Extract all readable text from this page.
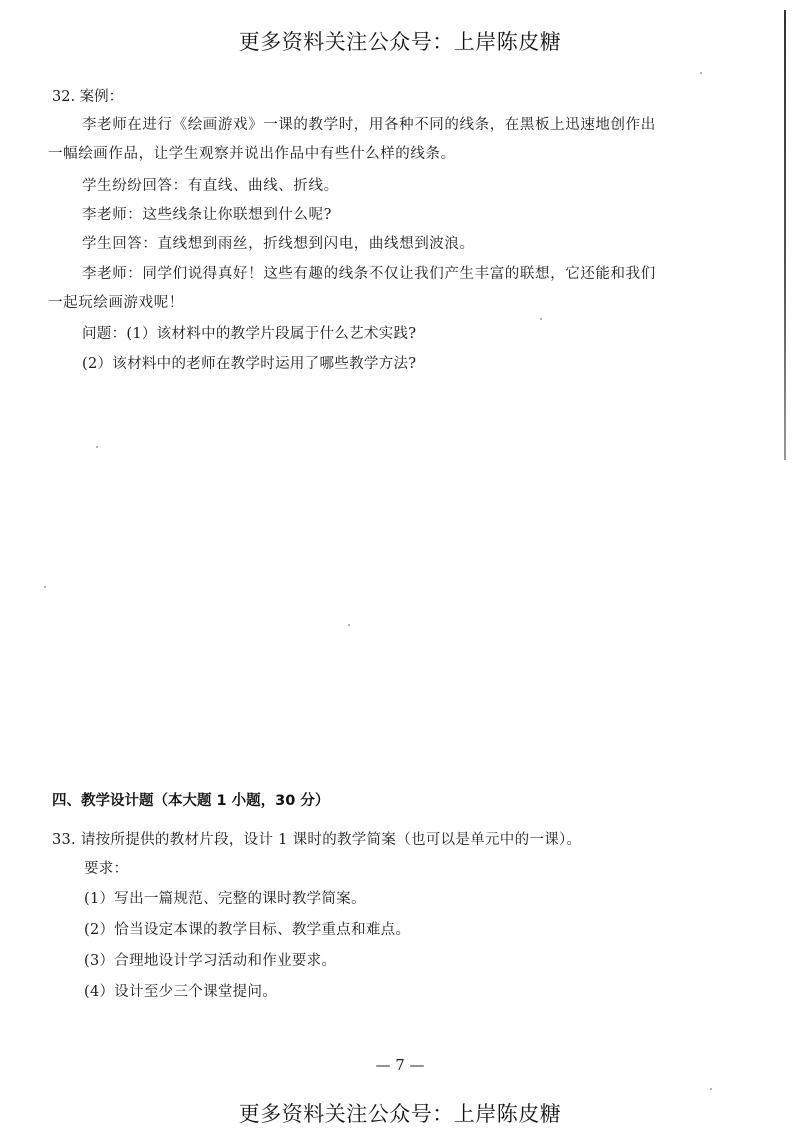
更多资料关注公众号：上岸陈皮糖
32. 案例：
李老师在进行《绘画游戏》一课的教学时，用各种不同的线条，在黑板上迅速地创作出
一幅绘画作品，让学生观察并说出作品中有些什么样的线条。
学生纷纷回答：有直线、曲线、折线。
李老师：这些线条让你联想到什么呢?
学生回答：直线想到雨丝，折线想到闪电，曲线想到波浪。
李老师：同学们说得真好！这些有趣的线条不仅让我们产生丰富的联想，它还能和我们
一起玩绘画游戏呢！
问题：(1）该材料中的教学片段属于什么艺术实践?
(2）该材料中的老师在教学时运用了哪些教学方法?
四、教学设计题（本大题 1 小题，30 分）
33. 请按所提供的教材片段，设计 1 课时的教学简案（也可以是单元中的一课）。
要求：
(1）写出一篇规范、完整的课时教学简案。
(2）恰当设定本课的教学目标、教学重点和难点。
(3）合理地设计学习活动和作业要求。
(4）设计至少三个课堂提问。
— 7 —
更多资料关注公众号：上岸陈皮糖
